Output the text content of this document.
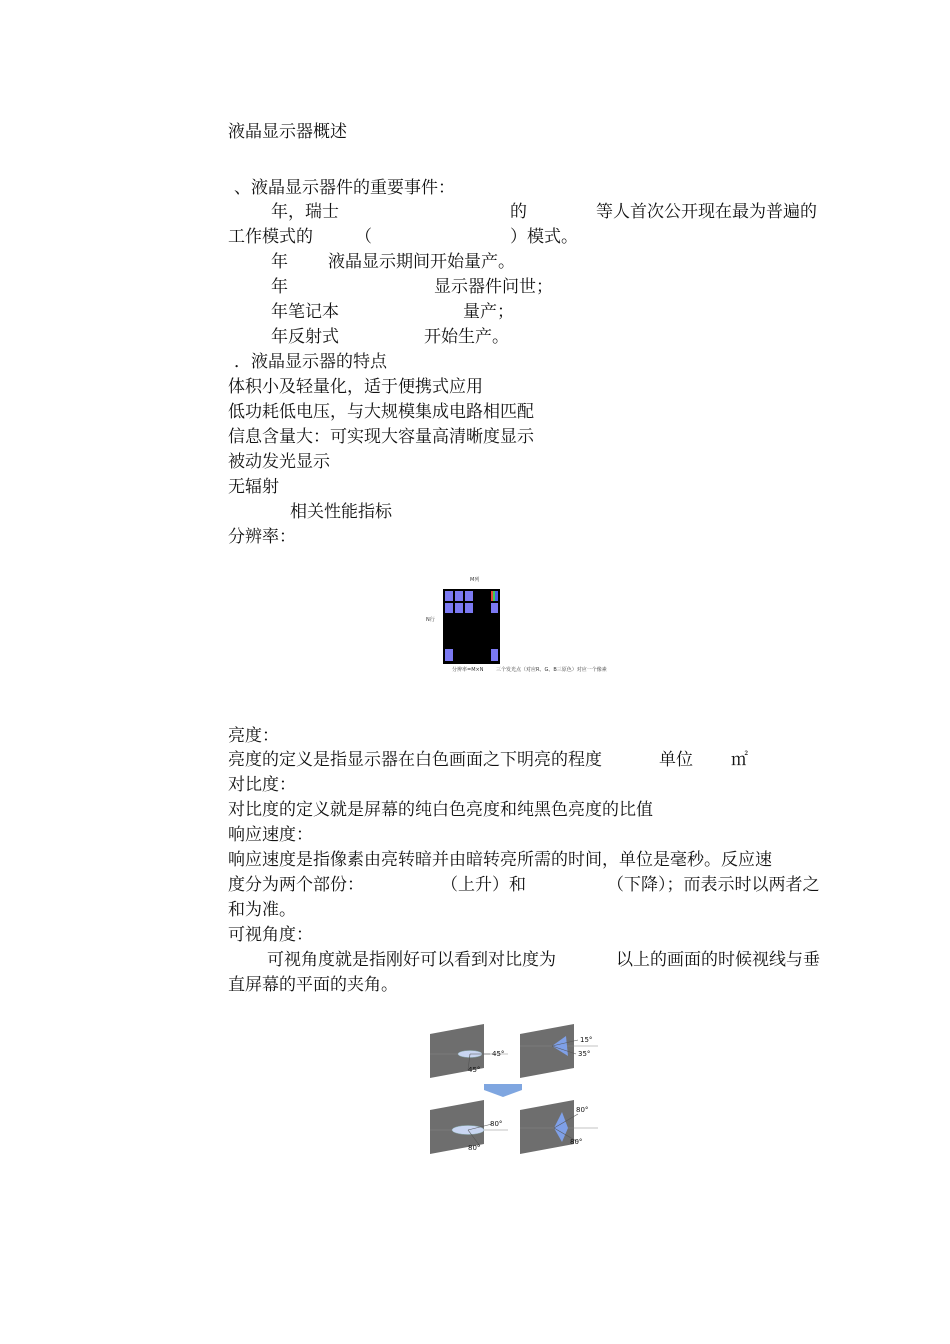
液晶显示器概述
、液晶显示器件的重要事件：
年，瑞士	的	等人首次公开现在最为普遍的
工作模式的 （	）模式。
年 液晶显示期间开始量产。
年	显示器件问世；
年笔记本	量产；
年反射式	开始生产。
．液晶显示器的特点
体积小及轻量化，适于便携式应用
低功耗低电压，与大规模集成电路相匹配
信息含量大：可实现大容量高清晰度显示
被动发光显示
无辐射
相关性能指标
分辨率：
M列
N行
分辨率=M×N	三个发光点（对应R、G、B三原色）对应一个像素
亮度：
亮度的定义是指显示器在白色画面之下明亮的程度	单位 ㎡
对比度：
对比度的定义就是屏幕的纯白色亮度和纯黑色亮度的比值
响应速度：
响应速度是指像素由亮转暗并由暗转亮所需的时间，单位是毫秒。反应速
度分为两个部份：	（上升）和	（下降）；而表示时以两者之
和为准。
可视角度：
可视角度就是指刚好可以看到对比度为	以上的画面的时候视线与垂
直屏幕的平面的夹角。
45°
45°
15°
35°
80°
80°
80°
80°
